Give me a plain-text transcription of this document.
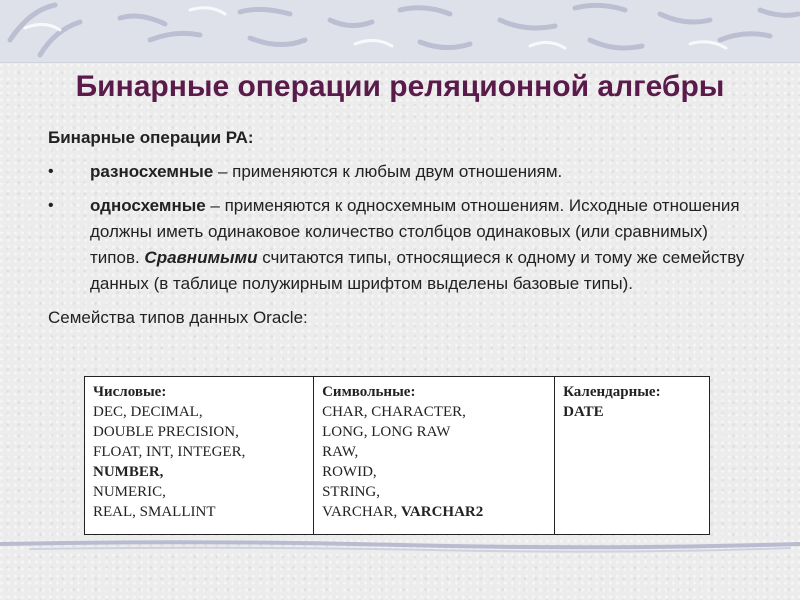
Бинарные операции реляционной алгебры

Бинарные операции РА:

• разносхемные – применяются к любым двум отношениям.
• односхемные – применяются к односхемным отношениям. Исходные отношения должны иметь одинаковое количество столбцов одинаковых (или сравнимых) типов. Сравнимыми считаются типы, относящиеся к одному и тому же семейству данных (в таблице полужирным шрифтом выделены базовые типы).

Семейства типов данных Oracle:

Числовые:
DEC, DECIMAL,
DOUBLE PRECISION,
FLOAT, INT, INTEGER,
NUMBER,
NUMERIC,
REAL, SMALLINT

Символьные:
CHAR, CHARACTER,
LONG, LONG RAW
RAW,
ROWID,
STRING,
VARCHAR, VARCHAR2

Календарные:
DATE
